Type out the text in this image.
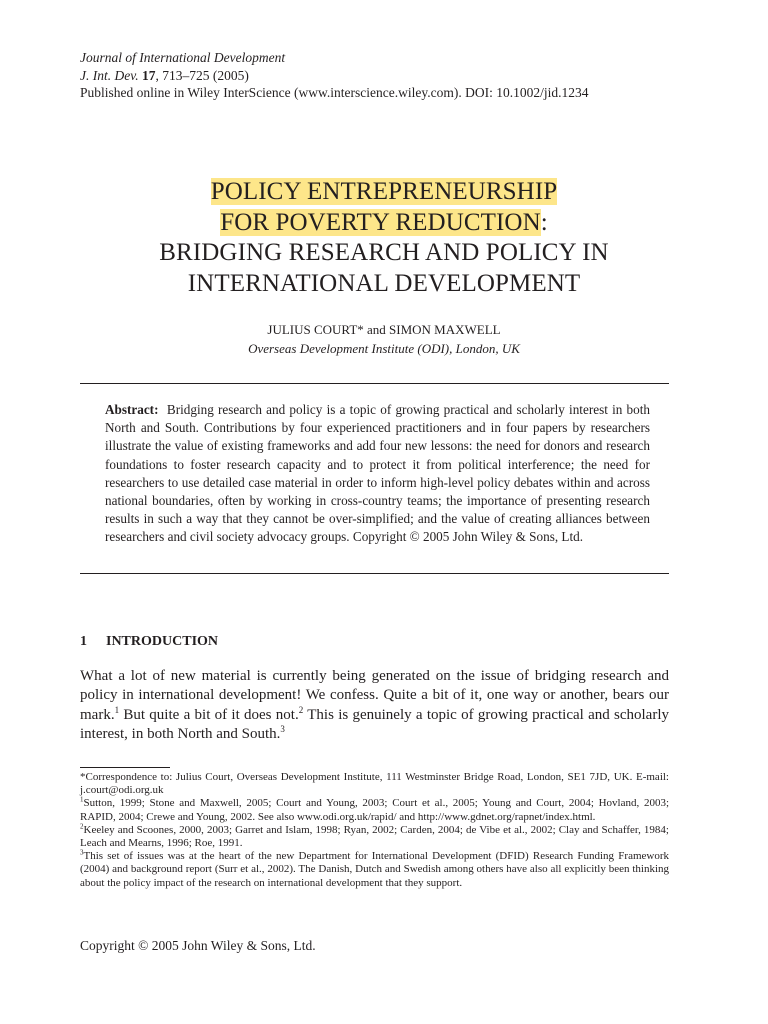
Journal of International Development
J. Int. Dev. 17, 713–725 (2005)
Published online in Wiley InterScience (www.interscience.wiley.com). DOI: 10.1002/jid.1234
POLICY ENTREPRENEURSHIP
FOR POVERTY REDUCTION:
BRIDGING RESEARCH AND POLICY IN
INTERNATIONAL DEVELOPMENT
JULIUS COURT* and SIMON MAXWELL
Overseas Development Institute (ODI), London, UK
Abstract: Bridging research and policy is a topic of growing practical and scholarly interest in both North and South. Contributions by four experienced practitioners and in four papers by researchers illustrate the value of existing frameworks and add four new lessons: the need for donors and research foundations to foster research capacity and to protect it from political interference; the need for researchers to use detailed case material in order to inform high-level policy debates within and across national boundaries, often by working in cross-country teams; the importance of presenting research results in such a way that they cannot be over-simplified; and the value of creating alliances between researchers and civil society advocacy groups. Copyright © 2005 John Wiley & Sons, Ltd.
1 INTRODUCTION
What a lot of new material is currently being generated on the issue of bridging research and policy in international development! We confess. Quite a bit of it, one way or another, bears our mark.$^1$ But quite a bit of it does not.$^2$ This is genuinely a topic of growing practical and scholarly interest, in both North and South.$^3$

*Correspondence to: Julius Court, Overseas Development Institute, 111 Westminster Bridge Road, London, SE1 7JD, UK. E-mail: j.court@odi.org.uk

$^1$Sutton, 1999; Stone and Maxwell, 2005; Court and Young, 2003; Court et al., 2005; Young and Court, 2004; Hovland, 2003; RAPID, 2004; Crewe and Young, 2002. See also www.odi.org.uk/rapid/ and http://www.gdnet.org/rapnet/index.html.

$^2$Keeley and Scoones, 2000, 2003; Garret and Islam, 1998; Ryan, 2002; Carden, 2004; de Vibe et al., 2002; Clay and Schaffer, 1984; Leach and Mearns, 1996; Roe, 1991.

$^3$This set of issues was at the heart of the new Department for International Development (DFID) Research Funding Framework (2004) and background report (Surr et al., 2002). The Danish, Dutch and Swedish among others have also all explicitly been thinking about the policy impact of the research on international development that they support.

Copyright © 2005 John Wiley & Sons, Ltd.
